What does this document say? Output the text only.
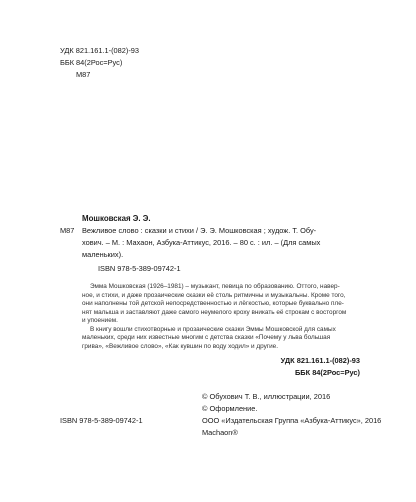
УДК 821.161.1-(082)-93
ББК 84(2Рос=Рус)
М87
Мошковская Э. Э.
М87 Вежливое слово : сказки и стихи / Э. Э. Мошковская ; худож. Т. Обу-
хович. – М. : Махаон, Азбука-Аттикус, 2016. – 80 с. : ил. – (Для самых
маленьких).
ISBN 978-5-389-09742-1
Эмма Мошковская (1926–1981) – музыкант, певица по образованию. Оттого, навер-
ное, и стихи, и даже прозаические сказки её столь ритмичны и музыкальны. Кроме того,
они наполнены той детской непосредственностью и лёгкостью, которые буквально пле-
нят малыша и заставляют даже самого неумелого кроху вникать её строкам с восторгом
и упоением.
В книгу вошли стихотворные и прозаические сказки Эммы Мошковской для самых
маленьких, среди них известные многим с детства сказки «Почему у льва большая
грива», «Вежливое слово», «Как кувшин по воду ходил» и другие.
УДК 821.161.1-(082)-93
ББК 84(2Рос=Рус)
© Обухович Т. В., иллюстрации, 2016
© Оформление.
ООО «Издательская Группа «Азбука-Аттикус», 2016
Machaon®
ISBN 978-5-389-09742-1
